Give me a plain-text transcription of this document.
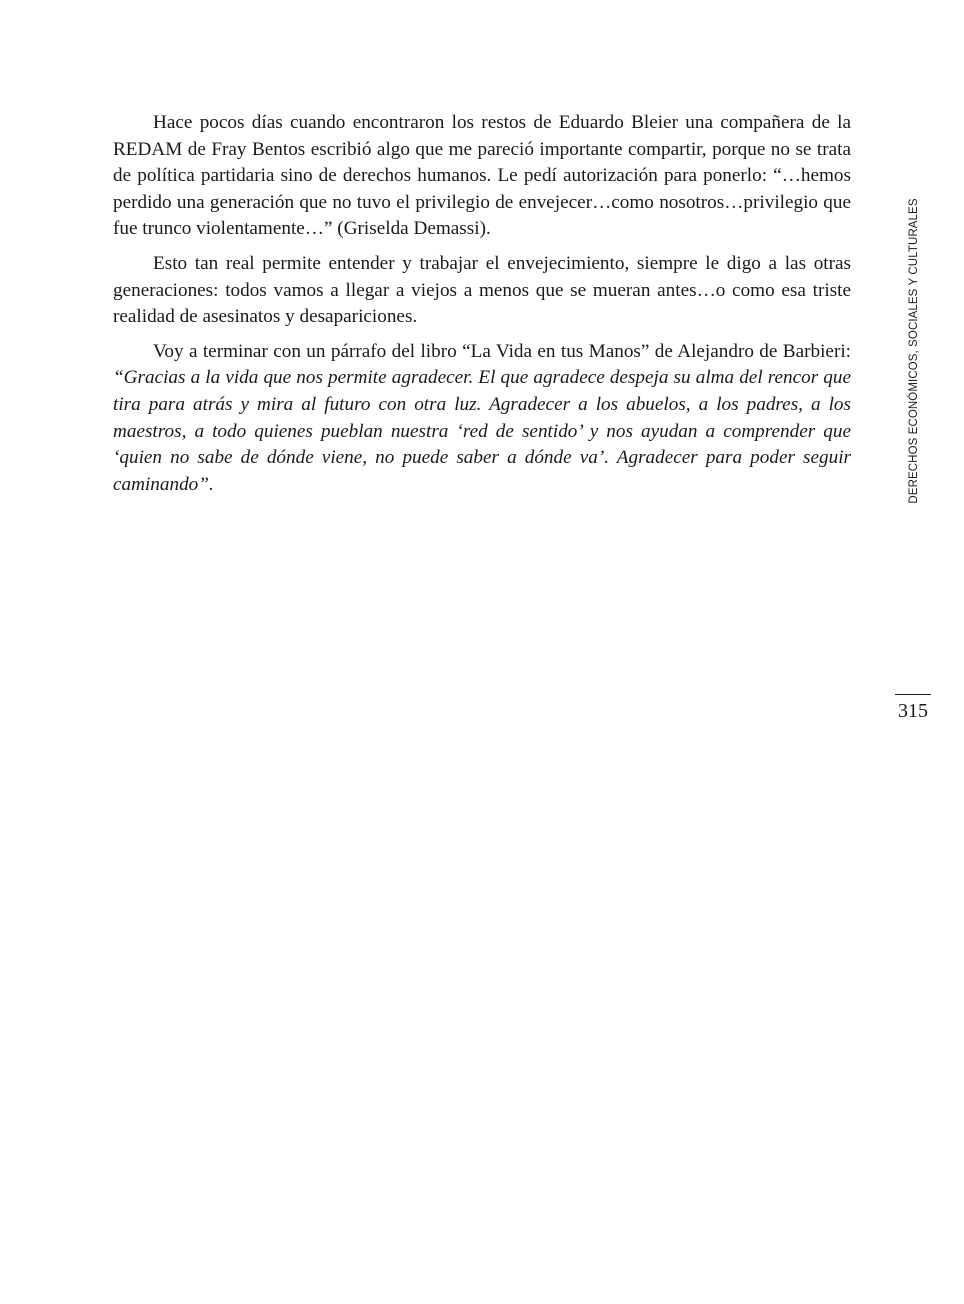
Hace pocos días cuando encontraron los restos de Eduardo Bleier una compañera de la REDAM de Fray Bentos escribió algo que me pareció importante compartir, porque no se trata de política partidaria sino de derechos humanos. Le pedí autorización para ponerlo: “…hemos perdido una generación que no tuvo el privilegio de envejecer…como nosotros…privilegio que fue trunco violentamente…” (Griselda Demassi).

Esto tan real permite entender y trabajar el envejecimiento, siempre le digo a las otras generaciones: todos vamos a llegar a viejos a menos que se mueran antes…o como esa triste realidad de asesinatos y desapariciones.

Voy a terminar con un párrafo del libro “La Vida en tus Manos” de Alejandro de Barbieri: “Gracias a la vida que nos permite agradecer. El que agradece despeja su alma del rencor que tira para atrás y mira al futuro con otra luz. Agradecer a los abuelos, a los padres, a los maestros, a todo quienes pueblan nuestra ‘red de sentido’ y nos ayudan a comprender que ‘quien no sabe de dónde viene, no puede saber a dónde va’. Agradecer para poder seguir caminando”.	DERECHOS ECONÓMICOS, SOCIALES Y CULTURALES
315
